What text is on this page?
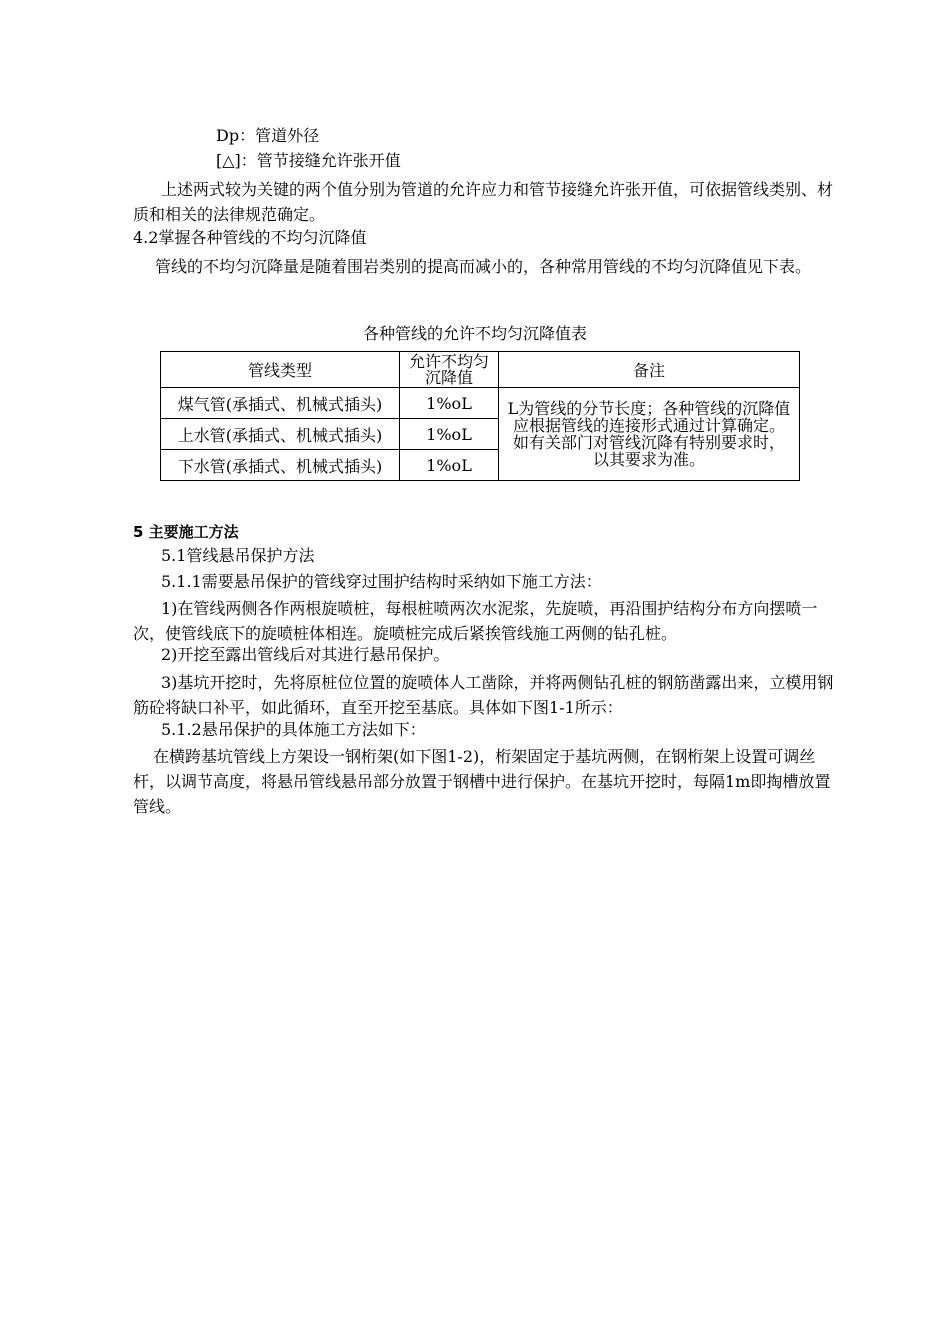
Dp：管道外径
[△]：管节接缝允许张开值
上述两式较为关键的两个值分别为管道的允许应力和管节接缝允许张开值，可依据管线类别、材质和相关的法律规范确定。
4.2掌握各种管线的不均匀沉降值
管线的不均匀沉降量是随着围岩类别的提高而减小的，各种常用管线的不均匀沉降值见下表。
各种管线的允许不均匀沉降值表
管线类型	允许不均匀沉降值	备注
煤气管(承插式、机械式插头)	1%oL	L为管线的分节长度；各种管线的沉降值应根据管线的连接形式通过计算确定。如有关部门对管线沉降有特别要求时，以其要求为准。
上水管(承插式、机械式插头)	1%oL	
下水管(承插式、机械式插头)	1%oL	
5 主要施工方法
5.1管线悬吊保护方法
5.1.1需要悬吊保护的管线穿过围护结构时采纳如下施工方法：
1)在管线两侧各作两根旋喷桩，每根桩喷两次水泥浆，先旋喷，再沿围护结构分布方向摆喷一次，使管线底下的旋喷桩体相连。旋喷桩完成后紧挨管线施工两侧的钻孔桩。
2)开挖至露出管线后对其进行悬吊保护。
3)基坑开挖时，先将原桩位位置的旋喷体人工凿除，并将两侧钻孔桩的钢筋凿露出来，立模用钢筋砼将缺口补平，如此循环，直至开挖至基底。具体如下图1-1所示：
5.1.2悬吊保护的具体施工方法如下：
在横跨基坑管线上方架设一钢桁架(如下图1-2)，桁架固定于基坑两侧，在钢桁架上设置可调丝杆，以调节高度，将悬吊管线悬吊部分放置于钢槽中进行保护。在基坑开挖时，每隔1m即掏槽放置管线。
